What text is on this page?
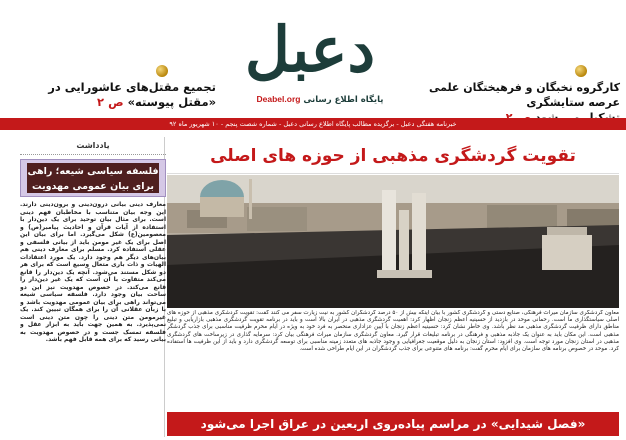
دعبل
پایگاه اطلاع رسانی Deabel.org
کارگروه نخبگان و فرهیختگان علمی عرصه ستایشگری
تجمیع مقتل‌های عاشورایی در
«مقتل پیوسته» ص ۲
خبرنامه هفتگی دعبل - برگزیده مطالب پایگاه اطلاع رسانی دعبل - شماره شصت پنجم - ۱۰ شهریور ماه ۹۲
تقویت گردشگری مذهبی از حوزه های اصلی
معاون گردشگری سازمان میراث فرهنگی، صنایع دستی و گردشگری کشور با بیان اینکه بیش از ۵۰ درصد گردشگران کشور به نیت زیارت سفر می کنند گفت: تقویت گردشگری مذهبی از حوزه های اصلی سیاستگذاری ما است. رحمانی موحد در بازدید از حسینیه اعظم زنجان اظهار کرد: اهمیت گردشگری مذهبی در ایران بالا است و باید در برنامه تقویت گردشگری مذهبی بازاریابی و تبلیغ مناطق دارای ظرفیت گردشگری مذهبی مد نظر باشد. وی خاطر نشان کرد: حسینیه اعظم زنجان با آیین عزاداری منحصر به فرد خود به ویژه در ایام محرم ظرفیت مناسبی برای جذب گردشگر مذهبی است. این مکان باید به عنوان یک جاذبه مذهبی و فرهنگی در برنامه تبلیغات قرار گیرد. معاون گردشگری سازمان میراث فرهنگی بیان کرد: سرمایه گذاری در زیرساخت های گردشگری مذهبی در استان زنجان مورد توجه است. وی افزود: استان زنجان به دلیل موقعیت جغرافیایی و وجود جاذبه های متعدد زمینه مناسبی برای توسعه گردشگری دارد و باید از این ظرفیت ها استفاده کرد. موحد در خصوص برنامه های سازمان برای ایام محرم گفت: برنامه های متنوعی برای جذب گردشگران در این ایام طراحی شده است.
«فصل شیدایی» در مراسم پیاده‌روی اربعین در عراق اجرا می‌شود
یادداشت
فلسفه سیاسی شیعه؛ راهی برای بیان عمومی مهدویت
معارف دینی بیانی درون‌دینی و برون‌دینی دارند. این وجه بیان متناسب با مخاطبان فهم دینی است. برای مثال بیان توحید برای یک دین‌دار با استفاده از آیات قرآن و احادیث پیامبر(ص) و معصومین(ع) شکل می‌گیرد. اما برای بیان این اصل برای یک غیر مومن باید از بیانی فلسفی و عقلی استفاده کرد. مسلم برای معارف دینی هم بیان‌های دیگر هم وجود دارد. یک مورد اعتقادات الهیات و ذات باری متعال وسیع است که برای هر دو شکل مستند می‌شود. آنچه یک دین‌دار را قانع می‌کند متفاوت با آن است که یک غیر دین‌دار را قانع می‌کند. در خصوص مهدویت نیز این دو ساحت بیان وجود دارد. فلسفه سیاسی شیعه می‌تواند راهی برای بیان عمومی مهدویت باشد و با زبان عقلانی آن را برای همگان تبیین کند. یک غیرمومن متن دینی را چون متن دینی است نمی‌پذیرد. به همین جهت باید به ابزار عقل و فلسفه تمسک جست و در خصوص مهدویت به بیانی رسید که برای همه قابل فهم باشد.
